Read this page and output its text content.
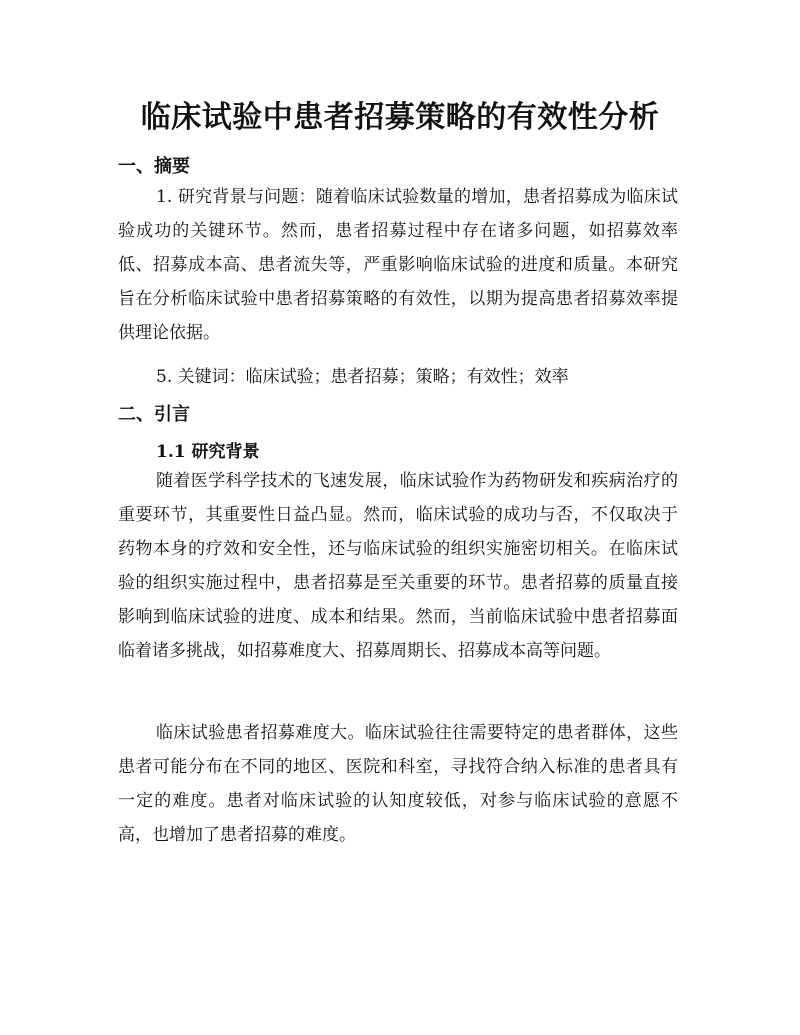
临床试验中患者招募策略的有效性分析
一、摘要

1. 研究背景与问题：随着临床试验数量的增加，患者招募成为临床试验成功的关键环节。然而，患者招募过程中存在诸多问题，如招募效率低、招募成本高、患者流失等，严重影响临床试验的进度和质量。本研究旨在分析临床试验中患者招募策略的有效性，以期为提高患者招募效率提供理论依据。

5. 关键词：临床试验；患者招募；策略；有效性；效率

二、引言
1.1 研究背景

随着医学科学技术的飞速发展，临床试验作为药物研发和疾病治疗的重要环节，其重要性日益凸显。然而，临床试验的成功与否，不仅取决于药物本身的疗效和安全性，还与临床试验的组织实施密切相关。在临床试验的组织实施过程中，患者招募是至关重要的环节。患者招募的质量直接影响到临床试验的进度、成本和结果。然而，当前临床试验中患者招募面临着诸多挑战，如招募难度大、招募周期长、招募成本高等问题。

临床试验患者招募难度大。临床试验往往需要特定的患者群体，这些患者可能分布在不同的地区、医院和科室，寻找符合纳入标准的患者具有一定的难度。患者对临床试验的认知度较低，对参与临床试验的意愿不高，也增加了患者招募的难度。
